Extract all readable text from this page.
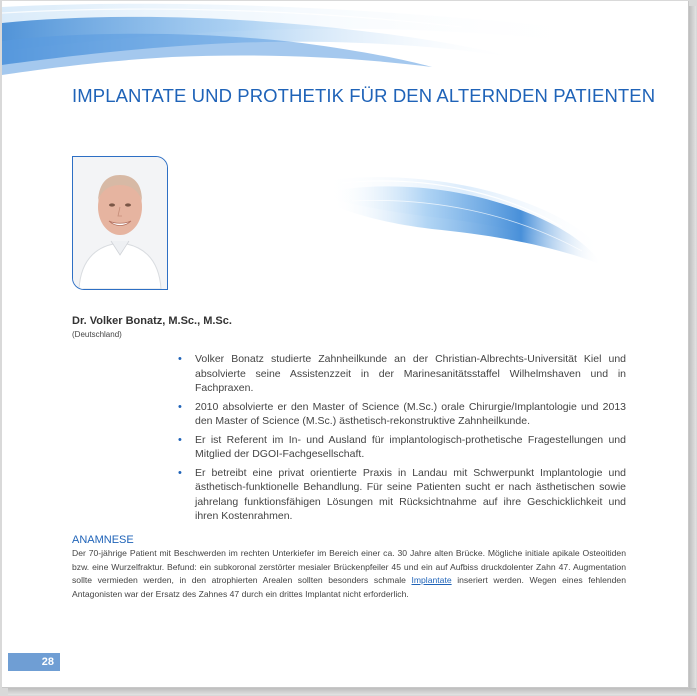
IMPLANTATE UND PROTHETIK FÜR DEN ALTERNDEN PATIENTEN
Dr. Volker Bonatz, M.Sc., M.Sc.

(Deutschland)

• Volker Bonatz studierte Zahnheilkunde an der Christian-Albrechts-Universität Kiel und absolvierte seine Assistenzzeit in der Marinesanitätsstaffel Wilhelmshaven und in Fachpraxen.
• 2010 absolvierte er den Master of Science (M.Sc.) orale Chirurgie/Implantologie und 2013 den Master of Science (M.Sc.) ästhetisch-rekonstruktive Zahnheilkunde.
• Er ist Referent im In- und Ausland für implantologisch-prothetische Fragestellungen und Mitglied der DGOI-Fachgesellschaft.
• Er betreibt eine privat orientierte Praxis in Landau mit Schwerpunkt Implantologie und ästhetisch-funktionelle Behandlung. Für seine Patienten sucht er nach ästhetischen sowie jahrelang funktionsfähigen Lösungen mit Rücksichtnahme auf ihre Geschicklichkeit und ihren Kostenrahmen.
ANAMNESE

Der 70-jährige Patient mit Beschwerden im rechten Unterkiefer im Bereich einer ca. 30 Jahre alten Brücke. Mögliche initiale apikale Osteoitiden bzw. eine Wurzelfraktur. Befund: ein subkoronal zerstörter mesialer Brückenpfeiler 45 und ein auf Aufbiss druckdolenter Zahn 47. Augmentation sollte vermieden werden, in den atrophierten Arealen sollten besonders schmale Implantate inseriert werden. Wegen eines fehlenden Antagonisten war der Ersatz des Zahnes 47 durch ein drittes Implantat nicht erforderlich.

28
